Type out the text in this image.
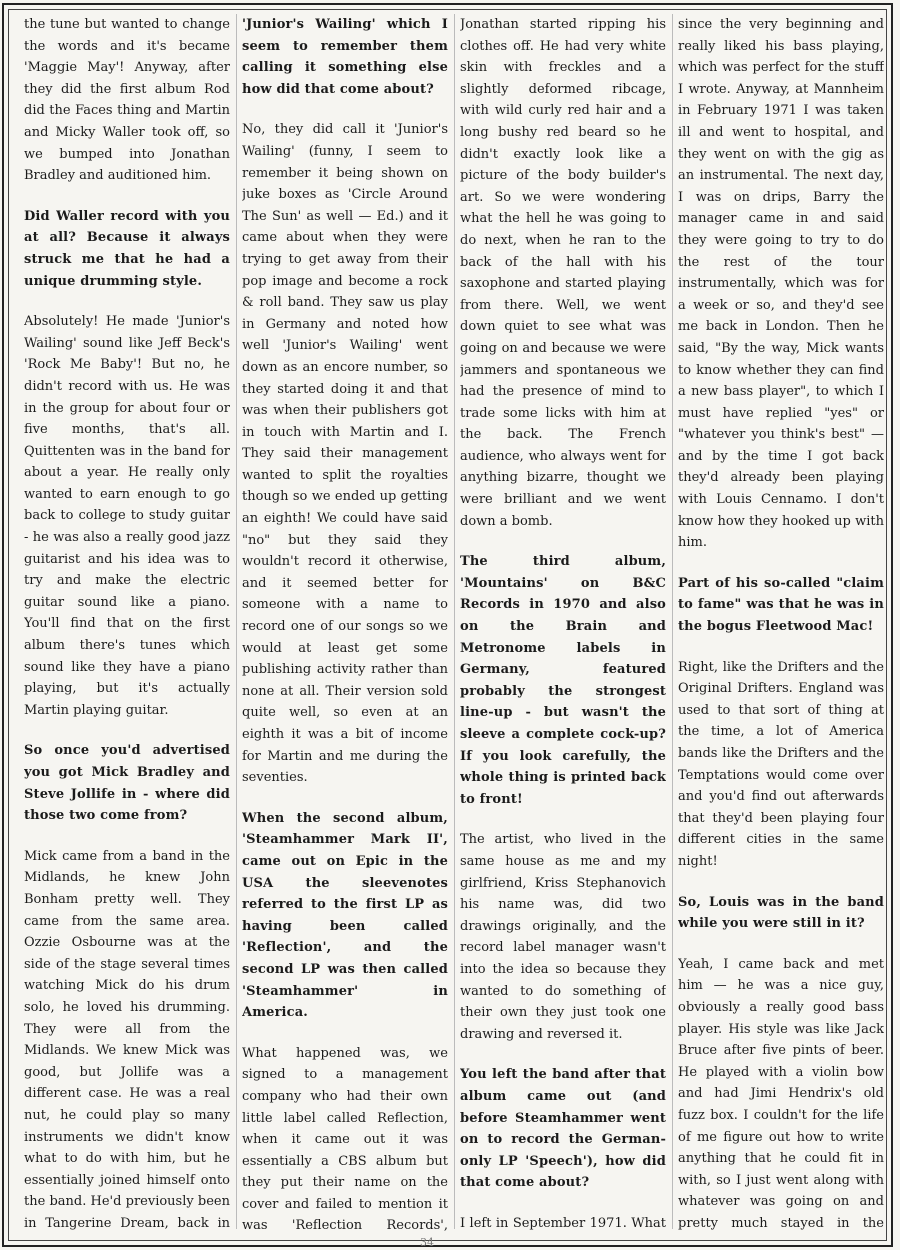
the tune but wanted to change the words and it's became 'Maggie May'! Anyway, after they did the first album Rod did the Faces thing and Martin and Micky Waller took off, so we bumped into Jonathan Bradley and auditioned him.

Did Waller record with you at all? Because it always struck me that he had a unique drumming style.

Absolutely! He made 'Junior's Wailing' sound like Jeff Beck's 'Rock Me Baby'! But no, he didn't record with us. He was in the group for about four or five months, that's all. Quittenten was in the band for about a year. He really only wanted to earn enough to go back to college to study guitar - he was also a really good jazz guitarist and his idea was to try and make the electric guitar sound like a piano. You'll find that on the first album there's tunes which sound like they have a piano playing, but it's actually Martin playing guitar.

So once you'd advertised you got Mick Bradley and Steve Jollife in - where did those two come from?

Mick came from a band in the Midlands, he knew John Bonham pretty well. They came from the same area. Ozzie Osbourne was at the side of the stage several times watching Mick do his drum solo, he loved his drumming. They were all from the Midlands. We knew Mick was good, but Jollife was a different case. He was a real nut, he could play so many instruments we didn't know what to do with him, but he essentially joined himself onto the band. He'd previously been in Tangerine Dream, back in

'Junior's Wailing' which I seem to remember them calling it something else how did that come about?

No, they did call it 'Junior's Wailing' (funny, I seem to remember it being shown on juke boxes as 'Circle Around The Sun' as well — Ed.) and it came about when they were trying to get away from their pop image and become a rock & roll band. They saw us play in Germany and noted how well 'Junior's Wailing' went down as an encore number, so they started doing it and that was when their publishers got in touch with Martin and I. They said their management wanted to split the royalties though so we ended up getting an eighth! We could have said "no" but they said they wouldn't record it otherwise, and it seemed better for someone with a name to record one of our songs so we would at least get some publishing activity rather than none at all. Their version sold quite well, so even at an eighth it was a bit of income for Martin and me during the seventies.

When the second album, 'Steamhammer Mark II', came out on Epic in the USA the sleevenotes referred to the first LP as having been called 'Reflection', and the second LP was then called 'Steamhammer' in America.

What happened was, we signed to a management company who had their own little label called Reflection, when it came out it was essentially a CBS album but they put their name on the cover and failed to mention it was 'Reflection Records',

Jonathan started ripping his clothes off. He had very white skin with freckles and a slightly deformed ribcage, with wild curly red hair and a long bushy red beard so he didn't exactly look like a picture of the body builder's art. So we were wondering what the hell he was going to do next, when he ran to the back of the hall with his saxophone and started playing from there. Well, we went down quiet to see what was going on and because we were jammers and spontaneous we had the presence of mind to trade some licks with him at the back. The French audience, who always went for anything bizarre, thought we were brilliant and we went down a bomb.

The third album, 'Mountains' on B&C Records in 1970 and also on the Brain and Metronome labels in Germany, featured probably the strongest line-up - but wasn't the sleeve a complete cock-up? If you look carefully, the whole thing is printed back to front!

The artist, who lived in the same house as me and my girlfriend, Kriss Stephanovich his name was, did two drawings originally, and the record label manager wasn't into the idea so because they wanted to do something of their own they just took one drawing and reversed it.

You left the band after that album came out (and before Steamhammer went on to record the German-only LP 'Speech'), how did that come about?

I left in September 1971. What

since the very beginning and really liked his bass playing, which was perfect for the stuff I wrote. Anyway, at Mannheim in February 1971 I was taken ill and went to hospital, and they went on with the gig as an instrumental. The next day, I was on drips, Barry the manager came in and said they were going to try to do the rest of the tour instrumentally, which was for a week or so, and they'd see me back in London. Then he said, "By the way, Mick wants to know whether they can find a new bass player", to which I must have replied "yes" or "whatever you think's best" — and by the time I got back they'd already been playing with Louis Cennamo. I don't know how they hooked up with him.

Part of his so-called "claim to fame" was that he was in the bogus Fleetwood Mac!

Right, like the Drifters and the Original Drifters. England was used to that sort of thing at the time, a lot of America bands like the Drifters and the Temptations would come over and you'd find out afterwards that they'd been playing four different cities in the same night!

So, Louis was in the band while you were still in it?

Yeah, I came back and met him — he was a nice guy, obviously a really good bass player. His style was like Jack Bruce after five pints of beer. He played with a violin bow and had Jimi Hendrix's old fuzz box. I couldn't for the life of me figure out how to write anything that he could fit in with, so I just went along with whatever was going on and pretty much stayed in the

34
